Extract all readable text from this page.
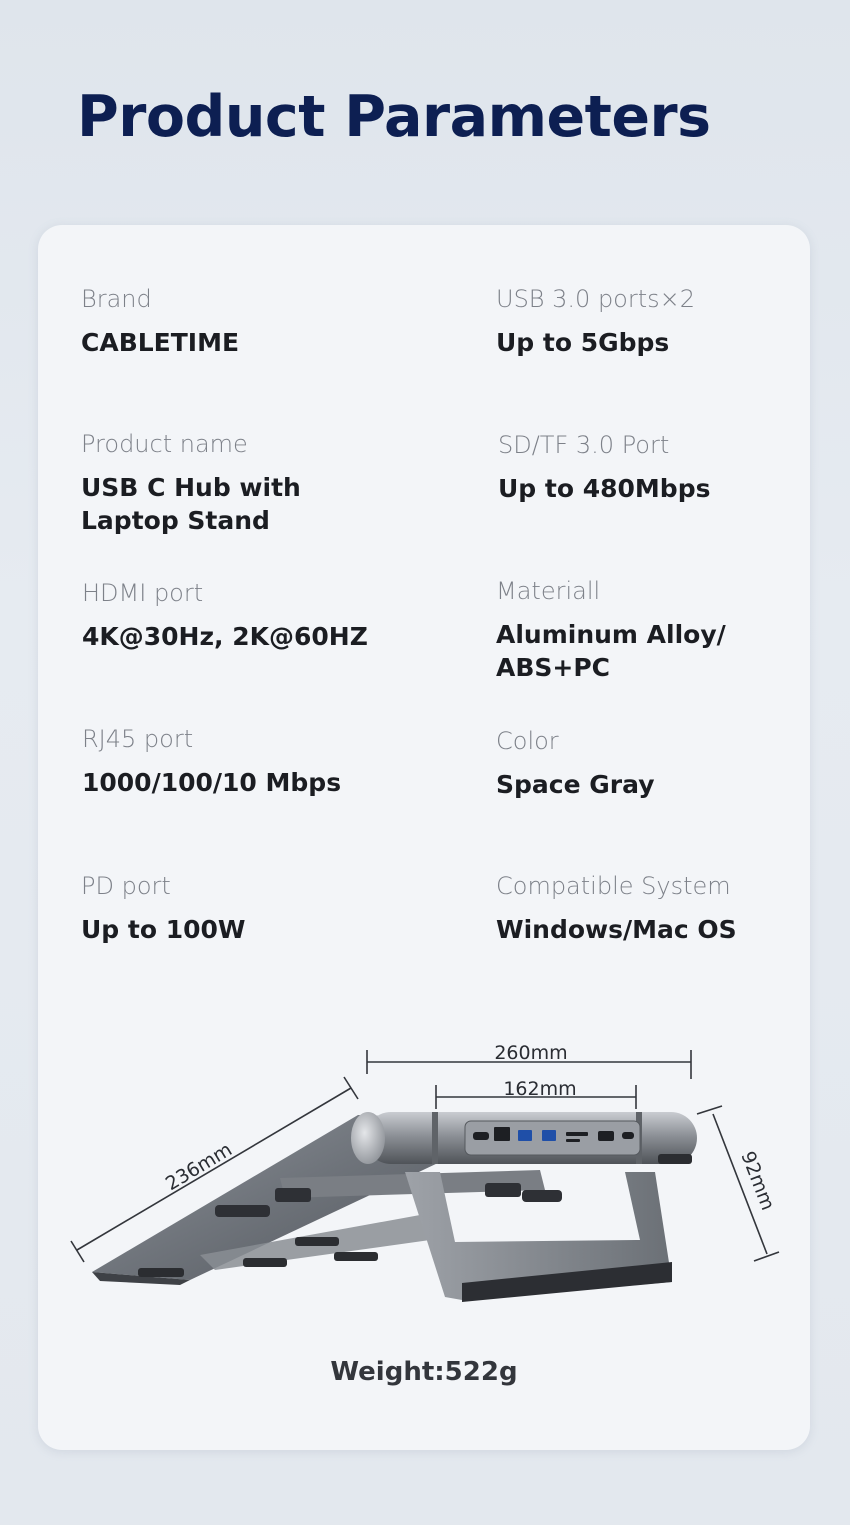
Product Parameters
Brand
CABLETIME
USB 3.0 ports×2
Up to 5Gbps
Product name
USB C Hub with
Laptop Stand
SD/TF 3.0 Port
Up to 480Mbps
HDMI port
4K@30Hz, 2K@60HZ
Materiall
Aluminum Alloy/
ABS+PC
RJ45 port
1000/100/10 Mbps
Color
Space Gray
PD port
Up to 100W
Compatible System
Windows/Mac OS
260mm
162mm
236mm	92mm
Weight:522g
